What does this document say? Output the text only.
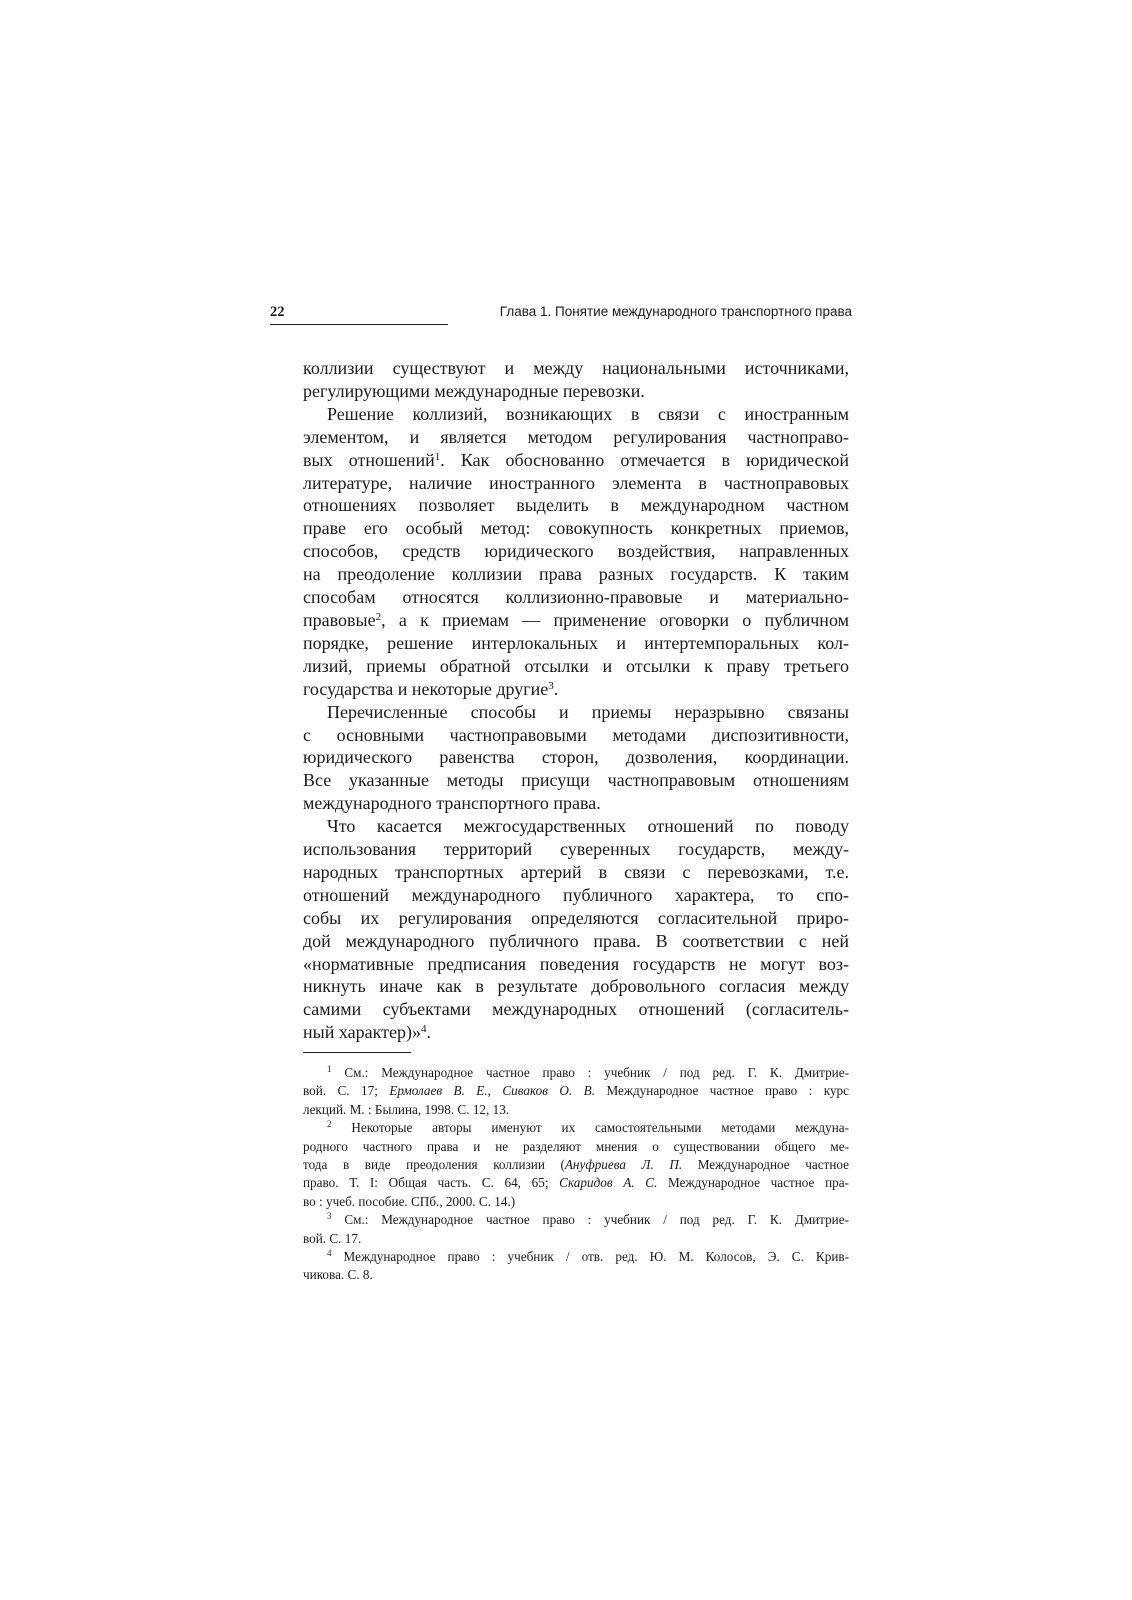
22	Глава 1. Понятие международного транспортного права
коллизии существуют и между национальными источниками,
регулирующими международные перевозки.
Решение коллизий, возникающих в связи с иностранным
элементом, и является методом регулирования частноправо-
вых отношений$^1$. Как обоснованно отмечается в юридической
литературе, наличие иностранного элемента в частноправовых
отношениях позволяет выделить в международном частном
праве его особый метод: совокупность конкретных приемов,
способов, средств юридического воздействия, направленных
на преодоление коллизии права разных государств. К таким
способам относятся коллизионно-правовые и материально-
правовые$^2$, а к приемам — применение оговорки о публичном
порядке, решение интерлокальных и интертемпоральных кол-
лизий, приемы обратной отсылки и отсылки к праву третьего
государства и некоторые другие$^3$.
Перечисленные способы и приемы неразрывно связаны
с основными частноправовыми методами диспозитивности,
юридического равенства сторон, дозволения, координации.
Все указанные методы присущи частноправовым отношениям
международного транспортного права.
Что касается межгосударственных отношений по поводу
использования территорий суверенных государств, между-
народных транспортных артерий в связи с перевозками, т.е.
отношений международного публичного характера, то спо-
собы их регулирования определяются согласительной приро-
дой международного публичного права. В соответствии с ней
«нормативные предписания поведения государств не могут воз-
никнуть иначе как в результате добровольного согласия между
самими субъектами международных отношений (согласитель-
ный характер)»$^4$.
$^1$ См.: Международное частное право : учебник / под ред. Г. К. Дмитрие-
вой. С. 17; Ермолаев В. Е., Сиваков О. В. Международное частное право : курс
лекций. М. : Былина, 1998. С. 12, 13.
$^2$ Некоторые авторы именуют их самостоятельными методами междуна-
родного частного права и не разделяют мнения о существовании общего ме-
тода в виде преодоления коллизии (Ануфриева Л. П. Международное частное
право. Т. I: Общая часть. С. 64, 65; Скаридов А. С. Международное частное пра-
во : учеб. пособие. СПб., 2000. С. 14.)
$^3$ См.: Международное частное право : учебник / под ред. Г. К. Дмитрие-
вой. С. 17.
$^4$ Международное право : учебник / отв. ред. Ю. М. Колосов, Э. С. Крив-
чикова. С. 8.
